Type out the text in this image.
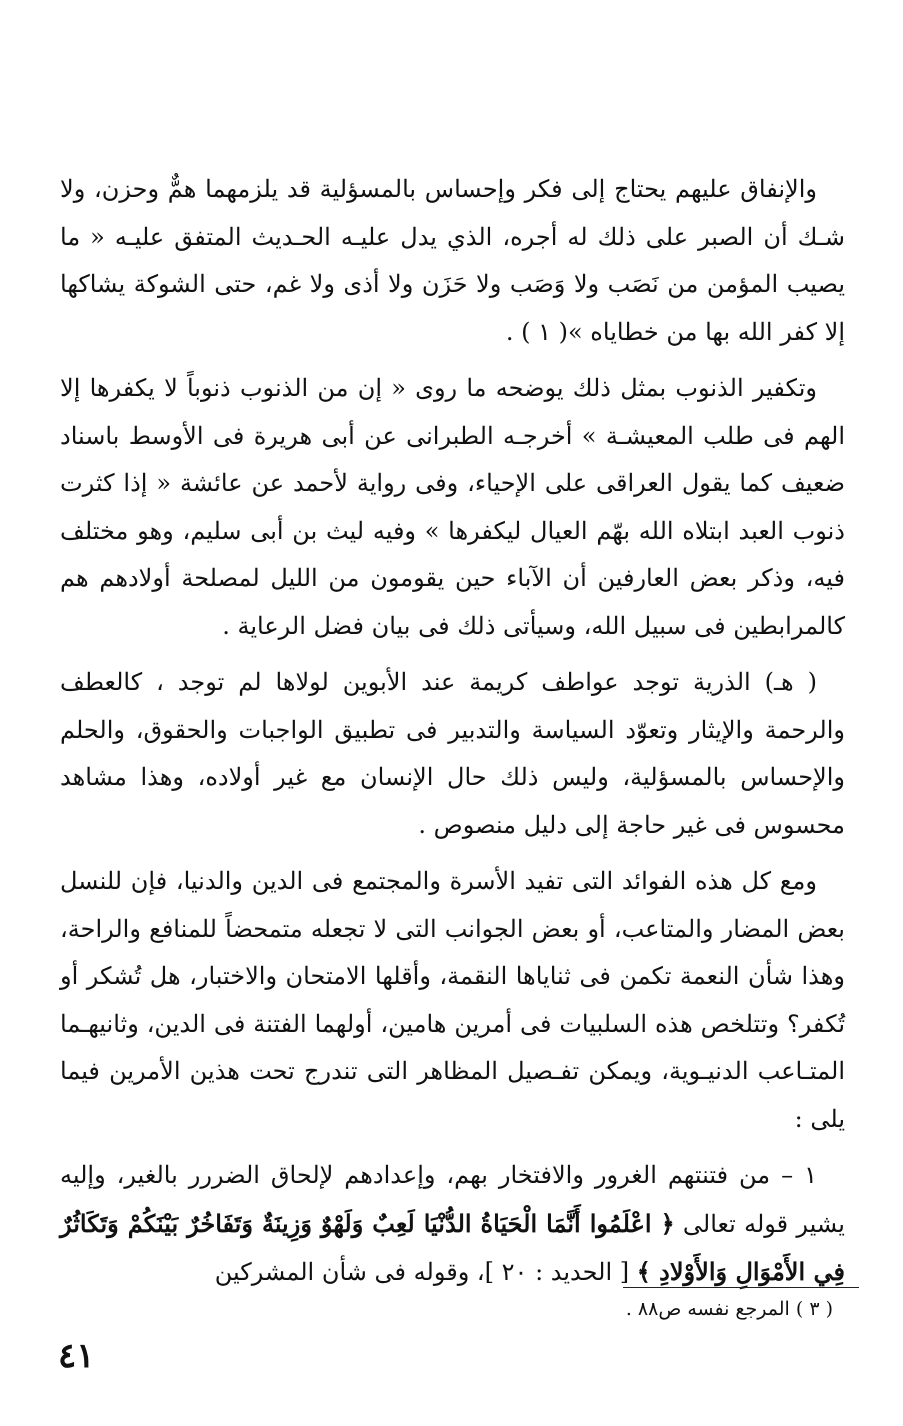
والإنفاق عليهم يحتاج إلى فكر وإحساس بالمسؤلية قد يلزمهما همٌّ وحزن، ولا شـك أن الصبر على ذلك له أجره، الذي يدل عليـه الحـديث المتفق عليـه « ما يصيب المؤمن من نَصَب ولا وَصَب ولا حَزَن ولا أذى ولا غم، حتى الشوكة يشاكها إلا كفر الله بها من خطاياه »( ١ ) .

وتكفير الذنوب بمثل ذلك يوضحه ما روى « إن من الذنوب ذنوباً لا يكفرها إلا الهم فى طلب المعيشـة » أخرجـه الطبرانى عن أبى هريرة فى الأوسط باسناد ضعيف كما يقول العراقى على الإحياء، وفى رواية لأحمد عن عائشة « إذا كثرت ذنوب العبد ابتلاه الله بهّم العيال ليكفرها » وفيه ليث بن أبى سليم، وهو مختلف فيه، وذكر بعض العارفين أن الآباء حين يقومون من الليل لمصلحة أولادهم هم كالمرابطين فى سبيل الله، وسيأتى ذلك فى بيان فضل الرعاية .

( هـ) الذرية توجد عواطف كريمة عند الأبوين لولاها لم توجد ، كالعطف والرحمة والإيثار وتعوّد السياسة والتدبير فى تطبيق الواجبات والحقوق، والحلم والإحساس بالمسؤلية، وليس ذلك حال الإنسان مع غير أولاده، وهذا مشاهد محسوس فى غير حاجة إلى دليل منصوص .

ومع كل هذه الفوائد التى تفيد الأسرة والمجتمع فى الدين والدنيا، فإن للنسل بعض المضار والمتاعب، أو بعض الجوانب التى لا تجعله متمحضاً للمنافع والراحة، وهذا شأن النعمة تكمن فى ثناياها النقمة، وأقلها الامتحان والاختبار، هل تُشكر أو تُكفر؟ وتتلخص هذه السلبيات فى أمرين هامين، أولهما الفتنة فى الدين، وثانيهـما المتـاعب الدنيـوية، ويمكن تفـصيل المظاهر التى تندرج تحت هذين الأمرين فيما يلى :

١ – من فتنتهم الغرور والافتخار بهم، وإعدادهم لإلحاق الضررر بالغير، وإليه يشير قوله تعالى ﴿ اعْلَمُوا أَنَّمَا الْحَيَاةُ الدُّنْيَا لَعِبٌ وَلَهْوٌ وَزِينَةٌ وَتَفَاخُرٌ بَيْنَكُمْ وَتَكَاثُرٌ فِي الأَمْوَالِ وَالأَوْلادِ ﴾ [ الحديد : ٢٠ ]، وقوله فى شأن المشركين

( ٣ ) المرجع نفسه ص٨٨ .
٤١
